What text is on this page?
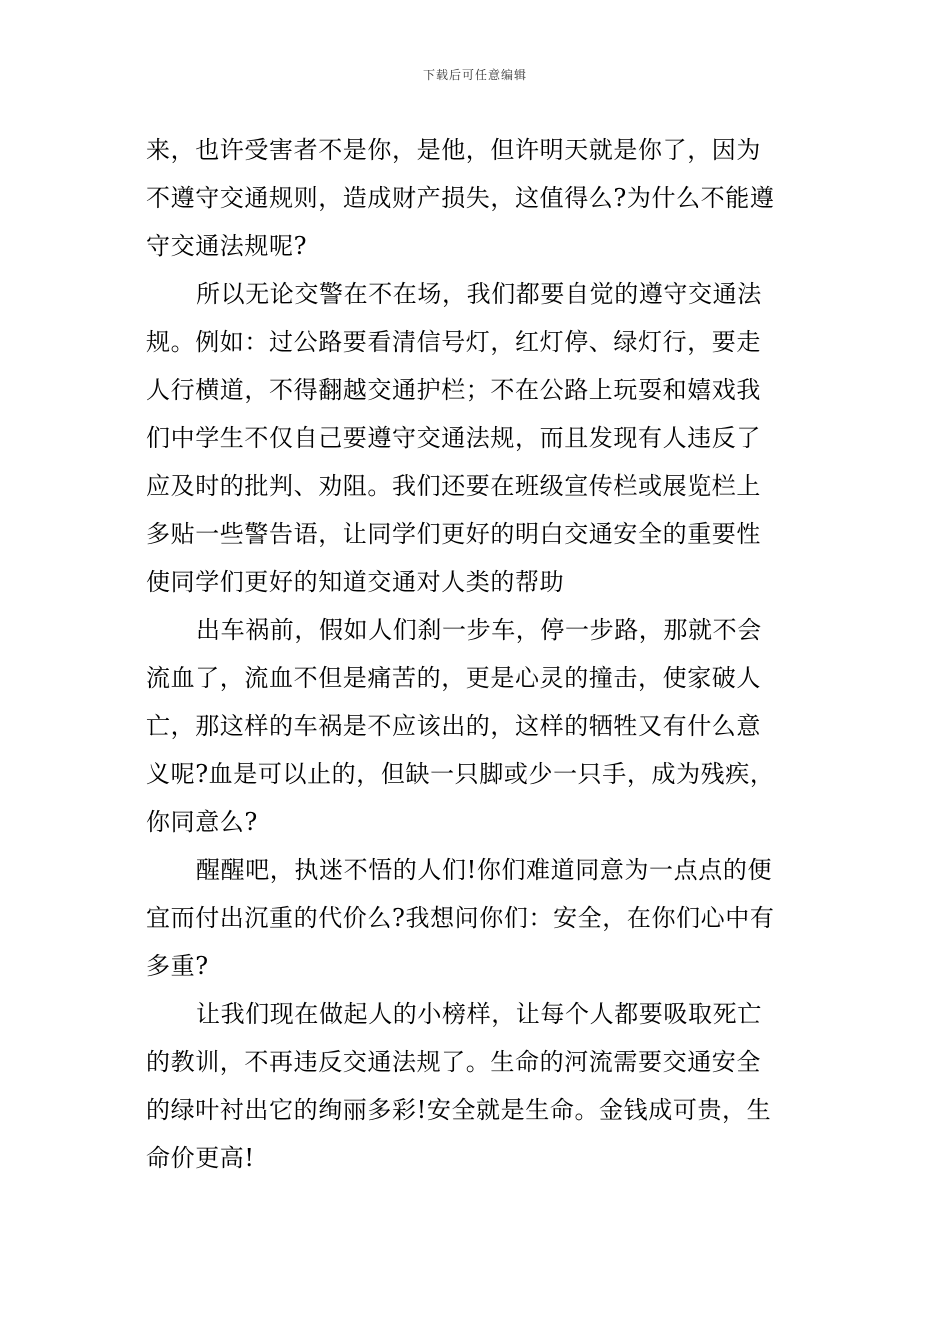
下载后可任意编辑
来，也许受害者不是你，是他，但许明天就是你了，因为
不遵守交通规则，造成财产损失，这值得么?为什么不能遵
守交通法规呢?
所以无论交警在不在场，我们都要自觉的遵守交通法
规。例如：过公路要看清信号灯，红灯停、绿灯行，要走
人行横道，不得翻越交通护栏；不在公路上玩耍和嬉戏我
们中学生不仅自己要遵守交通法规，而且发现有人违反了
应及时的批判、劝阻。我们还要在班级宣传栏或展览栏上
多贴一些警告语，让同学们更好的明白交通安全的重要性
使同学们更好的知道交通对人类的帮助
出车祸前，假如人们刹一步车，停一步路，那就不会
流血了，流血不但是痛苦的，更是心灵的撞击，使家破人
亡，那这样的车祸是不应该出的，这样的牺牲又有什么意
义呢?血是可以止的，但缺一只脚或少一只手，成为残疾，
你同意么?
醒醒吧，执迷不悟的人们!你们难道同意为一点点的便
宜而付出沉重的代价么?我想问你们：安全，在你们心中有
多重?
让我们现在做起人的小榜样，让每个人都要吸取死亡
的教训，不再违反交通法规了。生命的河流需要交通安全
的绿叶衬出它的绚丽多彩!安全就是生命。金钱成可贵，生
命价更高!
